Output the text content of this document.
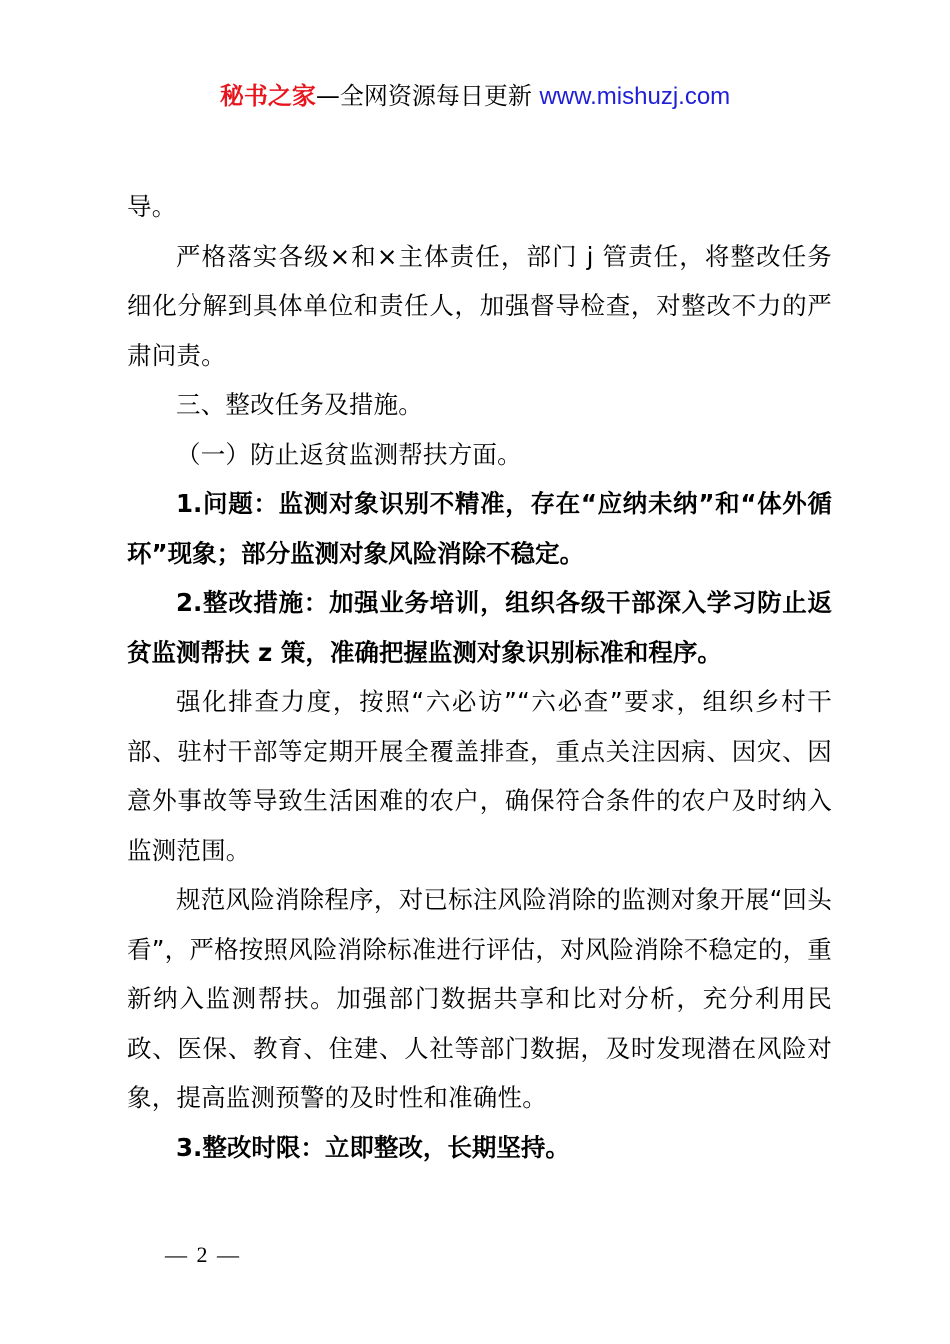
秘书之家—全网资源每日更新 www.mishuzj.com

导。

严格落实各级×和×主体责任，部门 j 管责任，将整改任务细化分解到具体单位和责任人，加强督导检查，对整改不力的严肃问责。

三、整改任务及措施。

（一）防止返贫监测帮扶方面。

1.问题：监测对象识别不精准，存在“应纳未纳”和“体外循环”现象；部分监测对象风险消除不稳定。

2.整改措施：加强业务培训，组织各级干部深入学习防止返贫监测帮扶 z 策，准确把握监测对象识别标准和程序。

强化排查力度，按照“六必访”“六必查”要求，组织乡村干部、驻村干部等定期开展全覆盖排查，重点关注因病、因灾、因意外事故等导致生活困难的农户，确保符合条件的农户及时纳入监测范围。

规范风险消除程序，对已标注风险消除的监测对象开展“回头看”，严格按照风险消除标准进行评估，对风险消除不稳定的，重新纳入监测帮扶。加强部门数据共享和比对分析，充分利用民政、医保、教育、住建、人社等部门数据，及时发现潜在风险对象，提高监测预警的及时性和准确性。

3.整改时限：立即整改，长期坚持。

— 2 —
